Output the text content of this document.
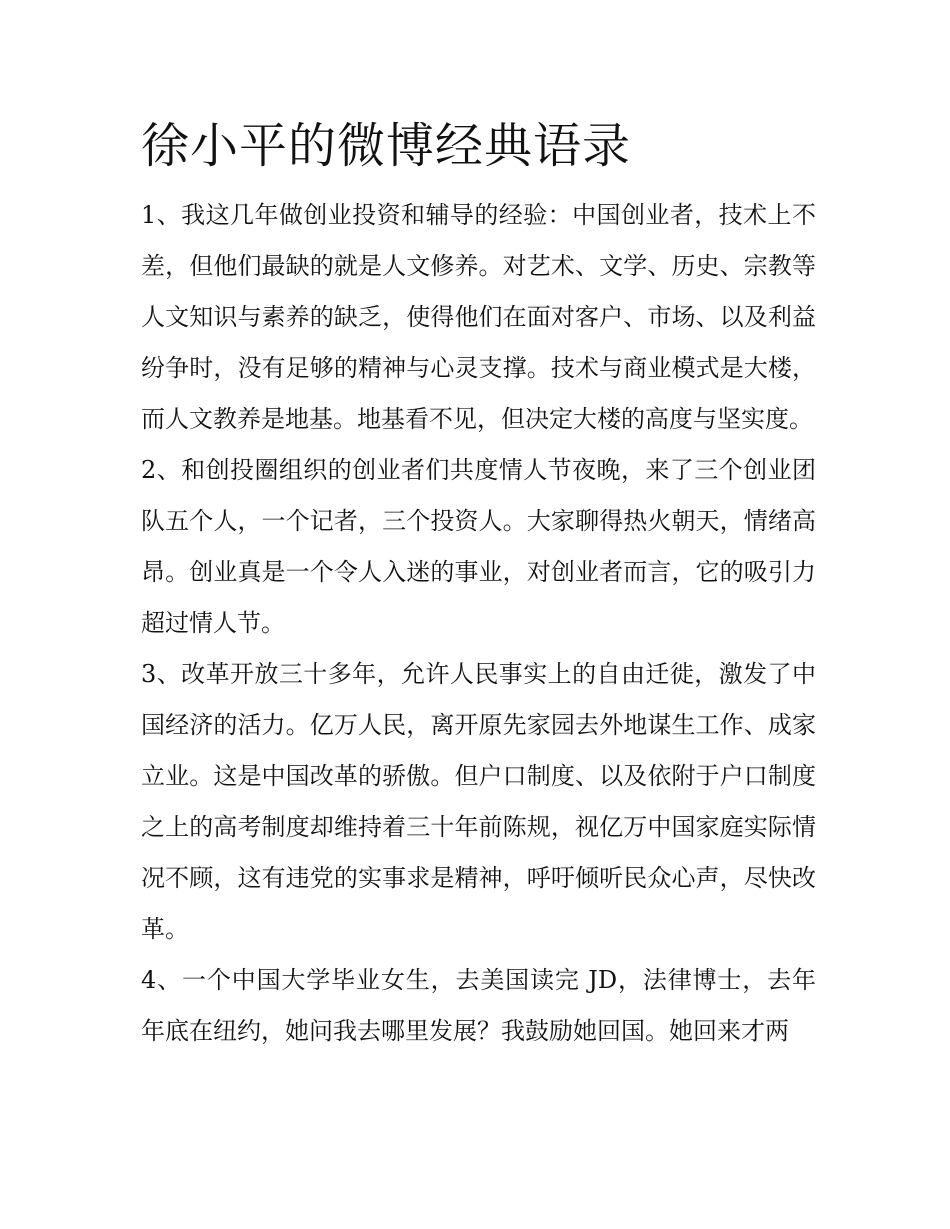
徐小平的微博经典语录

1、我这几年做创业投资和辅导的经验：中国创业者，技术上不差，但他们最缺的就是人文修养。对艺术、文学、历史、宗教等人文知识与素养的缺乏，使得他们在面对客户、市场、以及利益纷争时，没有足够的精神与心灵支撑。技术与商业模式是大楼，而人文教养是地基。地基看不见，但决定大楼的高度与坚实度。

2、和创投圈组织的创业者们共度情人节夜晚，来了三个创业团队五个人，一个记者，三个投资人。大家聊得热火朝天，情绪高昂。创业真是一个令人入迷的事业，对创业者而言，它的吸引力超过情人节。

3、改革开放三十多年，允许人民事实上的自由迁徙，激发了中国经济的活力。亿万人民，离开原先家园去外地谋生工作、成家立业。这是中国改革的骄傲。但户口制度、以及依附于户口制度之上的高考制度却维持着三十年前陈规，视亿万中国家庭实际情况不顾，这有违党的实事求是精神，呼吁倾听民众心声，尽快改革。

4、一个中国大学毕业女生，去美国读完 JD，法律博士，去年年底在纽约，她问我去哪里发展？我鼓励她回国。她回来才两
